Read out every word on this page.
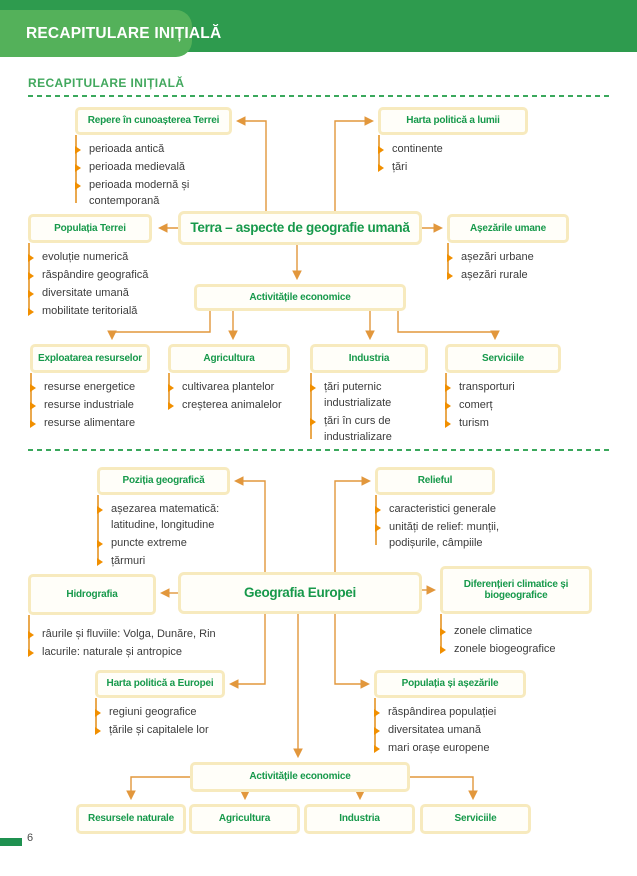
RECAPITULARE INIȚIALĂ
RECAPITULARE INIȚIALĂ
Repere în cunoașterea Terrei
perioada antică
perioada medievală
perioada modernă și contemporană
Harta politică a lumii
continente
țări
Populația Terrei
evoluție numerică
răspândire geografică
diversitate umană
mobilitate teritorială
Terra – aspecte de geografie umană	Așezările umane
așezări urbane
așezări rurale
Activitățile economice
Exploatarea resurselor
resurse energetice
resurse industriale
resurse alimentare
Agricultura
cultivarea plantelor
creșterea animalelor
Industria
țări puternic industrializate
țări în curs de industrializare
Serviciile
transporturi
comerț
turism
Poziția geografică
așezarea matematică: latitudine, longitudine
puncte extreme
țărmuri
Relieful
caracteristici generale
unități de relief: munții, podișurile, câmpiile
Hidrografia
râurile și fluviile: Volga, Dunăre, Rin
lacurile: naturale și antropice
Geografia Europei
Diferențieri climatice și biogeografice
zonele climatice
zonele biogeografice
Harta politică a Europei
regiuni geografice
țările și capitalele lor
Populația și așezările
răspândirea populației
diversitatea umană
mari orașe europene
Activitățile economice
Resursele naturale	Agricultura	Industria	Serviciile
6
